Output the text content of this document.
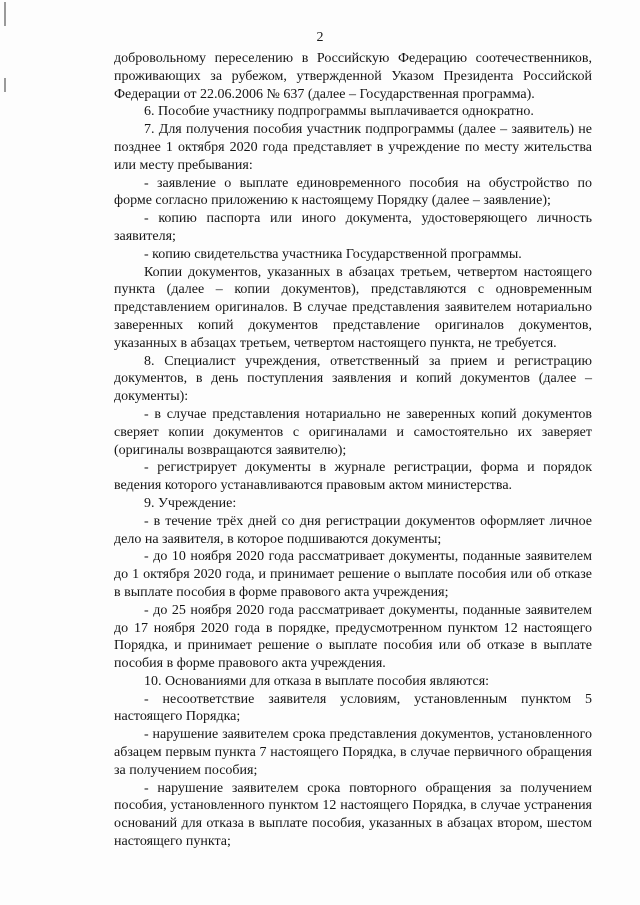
2

добровольному переселению в Российскую Федерацию соотечественников, проживающих за рубежом, утвержденной Указом Президента Российской Федерации от 22.06.2006 № 637 (далее – Государственная программа).

6. Пособие участнику подпрограммы выплачивается однократно.

7. Для получения пособия участник подпрограммы (далее – заявитель) не позднее 1 октября 2020 года представляет в учреждение по месту жительства или месту пребывания:

- заявление о выплате единовременного пособия на обустройство по форме согласно приложению к настоящему Порядку (далее – заявление);

- копию паспорта или иного документа, удостоверяющего личность заявителя;

- копию свидетельства участника Государственной программы.

Копии документов, указанных в абзацах третьем, четвертом настоящего пункта (далее – копии документов), представляются с одновременным представлением оригиналов. В случае представления заявителем нотариально заверенных копий документов представление оригиналов документов, указанных в абзацах третьем, четвертом настоящего пункта, не требуется.

8. Специалист учреждения, ответственный за прием и регистрацию документов, в день поступления заявления и копий документов (далее – документы):

- в случае представления нотариально не заверенных копий документов сверяет копии документов с оригиналами и самостоятельно их заверяет (оригиналы возвращаются заявителю);

- регистрирует документы в журнале регистрации, форма и порядок ведения которого устанавливаются правовым актом министерства.

9. Учреждение:

- в течение трёх дней со дня регистрации документов оформляет личное дело на заявителя, в которое подшиваются документы;

- до 10 ноября 2020 года рассматривает документы, поданные заявителем до 1 октября 2020 года, и принимает решение о выплате пособия или об отказе в выплате пособия в форме правового акта учреждения;

- до 25 ноября 2020 года рассматривает документы, поданные заявителем до 17 ноября 2020 года в порядке, предусмотренном пунктом 12 настоящего Порядка, и принимает решение о выплате пособия или об отказе в выплате пособия в форме правового акта учреждения.

10. Основаниями для отказа в выплате пособия являются:

- несоответствие заявителя условиям, установленным пунктом 5 настоящего Порядка;

- нарушение заявителем срока представления документов, установленного абзацем первым пункта 7 настоящего Порядка, в случае первичного обращения за получением пособия;

- нарушение заявителем срока повторного обращения за получением пособия, установленного пунктом 12 настоящего Порядка, в случае устранения оснований для отказа в выплате пособия, указанных в абзацах втором, шестом настоящего пункта;
